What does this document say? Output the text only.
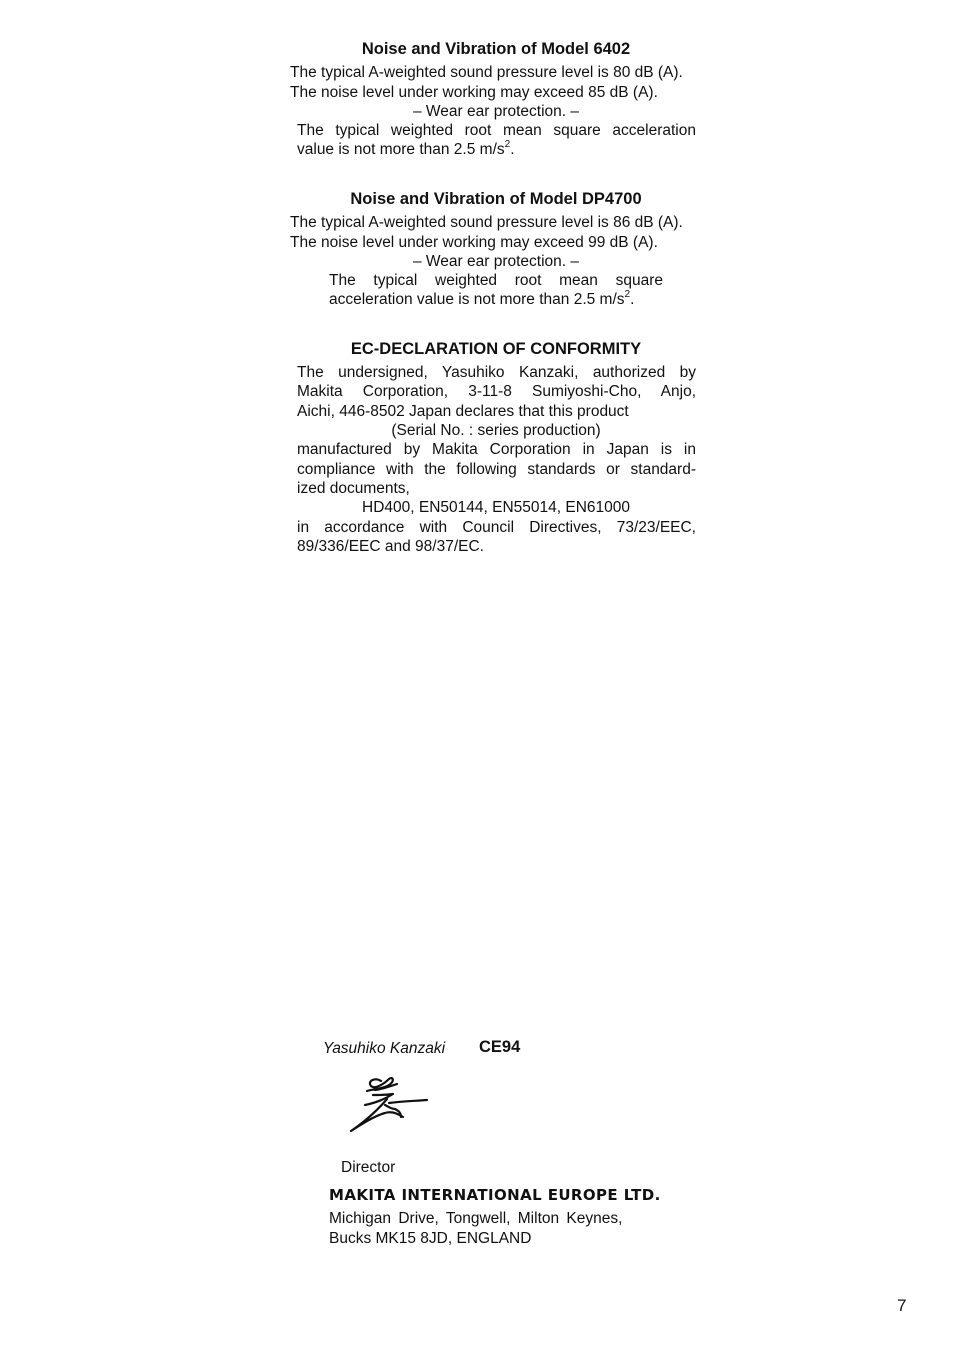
Noise and Vibration of Model 6402
The typical A-weighted sound pressure level is 80 dB (A).
The noise level under working may exceed 85 dB (A).
– Wear ear protection. –
The typical weighted root mean square acceleration
value is not more than 2.5 $m/s^2$.
Noise and Vibration of Model DP4700
The typical A-weighted sound pressure level is 86 dB (A).
The noise level under working may exceed 99 dB (A).
– Wear ear protection. –
The typical weighted root mean square
acceleration value is not more than 2.5 $m/s^2$.
EC-DECLARATION OF CONFORMITY
The undersigned, Yasuhiko Kanzaki, authorized by
Makita Corporation, 3-11-8 Sumiyoshi-Cho, Anjo,
Aichi, 446-8502 Japan declares that this product
(Serial No. : series production)
manufactured by Makita Corporation in Japan is in
compliance with the following standards or standard-
ized documents,
HD400, EN50144, EN55014, EN61000
in accordance with Council Directives, 73/23/EEC,
89/336/EEC and 98/37/EC.
Yasuhiko Kanzaki CE94
Director
MAKITA INTERNATIONAL EUROPE LTD.
Michigan Drive, Tongwell, Milton Keynes,
Bucks MK15 8JD, ENGLAND
7
